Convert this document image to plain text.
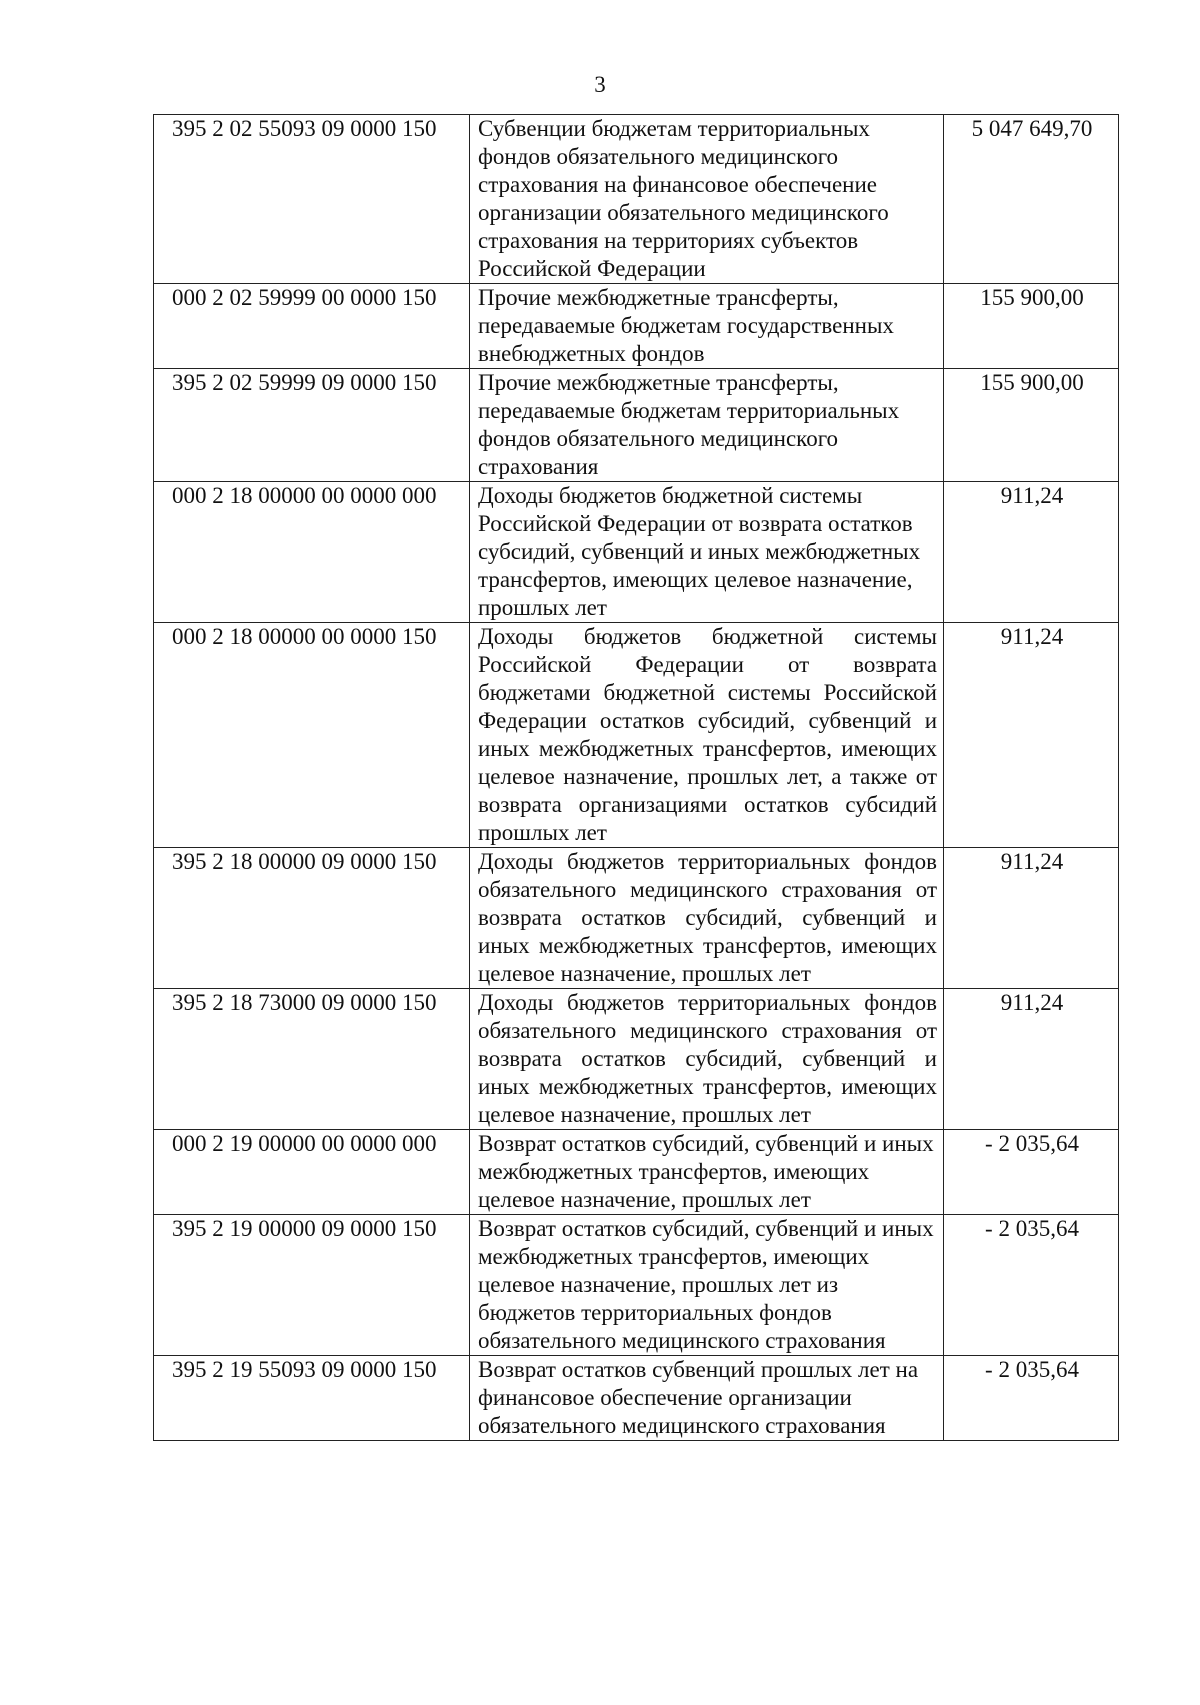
3
395 2 02 55093 09 0000 150	Субвенции бюджетам территориальных фондов обязательного медицинского страхования на финансовое обеспечение организации обязательного медицинского страхования на территориях субъектов Российской Федерации	5 047 649,70
000 2 02 59999 00 0000 150	Прочие межбюджетные трансферты, передаваемые бюджетам государственных внебюджетных фондов	155 900,00
395 2 02 59999 09 0000 150	Прочие межбюджетные трансферты, передаваемые бюджетам территориальных фондов обязательного медицинского страхования	155 900,00
000 2 18 00000 00 0000 000	Доходы бюджетов бюджетной системы Российской Федерации от возврата остатков субсидий, субвенций и иных межбюджетных трансфертов, имеющих целевое назначение, прошлых лет	911,24
000 2 18 00000 00 0000 150	Доходы бюджетов бюджетной системы Российской Федерации от возврата бюджетами бюджетной системы Российской Федерации остатков субсидий, субвенций и иных межбюджетных трансфертов, имеющих целевое назначение, прошлых лет, а также от возврата организациями остатков субсидий прошлых лет	911,24
395 2 18 00000 09 0000 150	Доходы бюджетов территориальных фондов обязательного медицинского страхования от возврата остатков субсидий, субвенций и иных межбюджетных трансфертов, имеющих целевое назначение, прошлых лет	911,24
395 2 18 73000 09 0000 150	Доходы бюджетов территориальных фондов обязательного медицинского страхования от возврата остатков субсидий, субвенций и иных межбюджетных трансфертов, имеющих целевое назначение, прошлых лет	911,24
000 2 19 00000 00 0000 000	Возврат остатков субсидий, субвенций и иных межбюджетных трансфертов, имеющих целевое назначение, прошлых лет	- 2 035,64
395 2 19 00000 09 0000 150	Возврат остатков субсидий, субвенций и иных межбюджетных трансфертов, имеющих целевое назначение, прошлых лет из бюджетов территориальных фондов обязательного медицинского страхования	- 2 035,64
395 2 19 55093 09 0000 150	Возврат остатков субвенций прошлых лет на финансовое обеспечение организации обязательного медицинского страхования	- 2 035,64
